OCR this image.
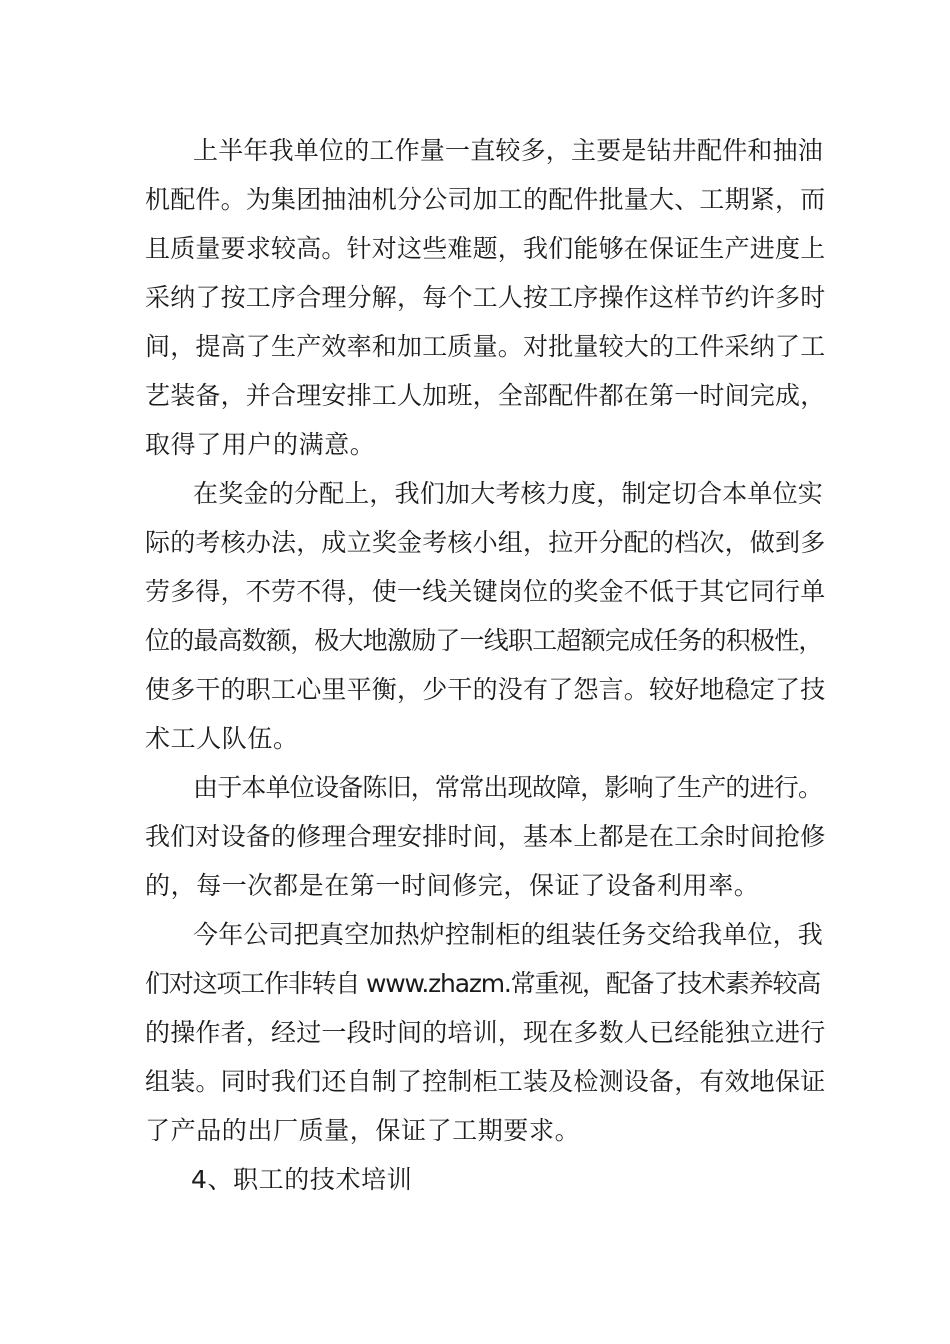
上半年我单位的工作量一直较多，主要是钻井配件和抽油
机配件。为集团抽油机分公司加工的配件批量大、工期紧，而
且质量要求较高。针对这些难题，我们能够在保证生产进度上
采纳了按工序合理分解，每个工人按工序操作这样节约许多时
间，提高了生产效率和加工质量。对批量较大的工件采纳了工
艺装备，并合理安排工人加班，全部配件都在第一时间完成，
取得了用户的满意。
在奖金的分配上，我们加大考核力度，制定切合本单位实
际的考核办法，成立奖金考核小组，拉开分配的档次，做到多
劳多得，不劳不得，使一线关键岗位的奖金不低于其它同行单
位的最高数额，极大地激励了一线职工超额完成任务的积极性，
使多干的职工心里平衡，少干的没有了怨言。较好地稳定了技
术工人队伍。
由于本单位设备陈旧，常常出现故障，影响了生产的进行。
我们对设备的修理合理安排时间，基本上都是在工余时间抢修
的，每一次都是在第一时间修完，保证了设备利用率。
今年公司把真空加热炉控制柜的组装任务交给我单位，我
们对这项工作非转自 www.zhazm.常重视，配备了技术素养较高
的操作者，经过一段时间的培训，现在多数人已经能独立进行
组装。同时我们还自制了控制柜工装及检测设备，有效地保证
了产品的出厂质量，保证了工期要求。
4、职工的技术培训
